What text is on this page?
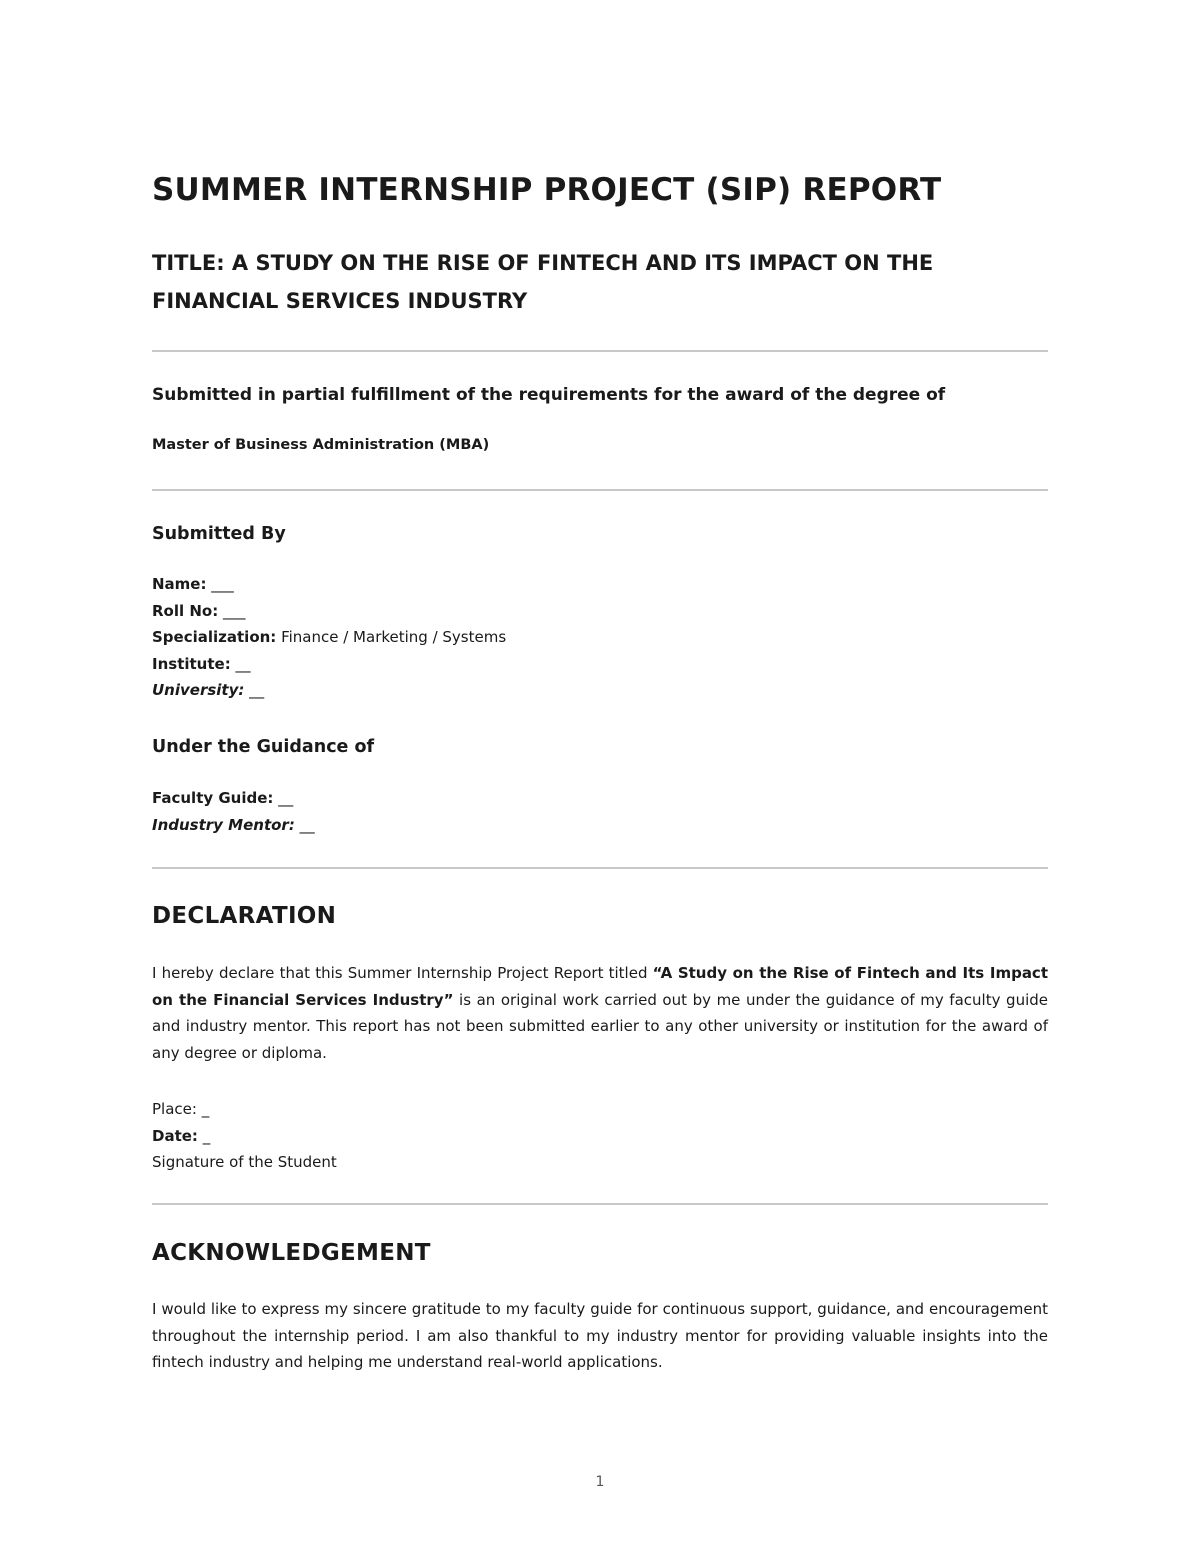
SUMMER INTERNSHIP PROJECT (SIP) REPORT
TITLE: A STUDY ON THE RISE OF FINTECH AND ITS IMPACT ON THE FINANCIAL SERVICES INDUSTRY

Submitted in partial fulfillment of the requirements for the award of the degree of

Master of Business Administration (MBA)

Submitted By
Name: ___
Roll No: ___
Specialization: Finance / Marketing / Systems
Institute: __
University: __
Under the Guidance of
Faculty Guide: __
Industry Mentor: __
DECLARATION

I hereby declare that this Summer Internship Project Report titled “A Study on the Rise of Fintech and Its Impact on the Financial Services Industry” is an original work carried out by me under the guidance of my faculty guide and industry mentor. This report has not been submitted earlier to any other university or institution for the award of any degree or diploma.

Place: _
Date: _
Signature of the Student
ACKNOWLEDGEMENT

I would like to express my sincere gratitude to my faculty guide for continuous support, guidance, and encouragement throughout the internship period. I am also thankful to my industry mentor for providing valuable insights into the fintech industry and helping me understand real-world applications.

1
